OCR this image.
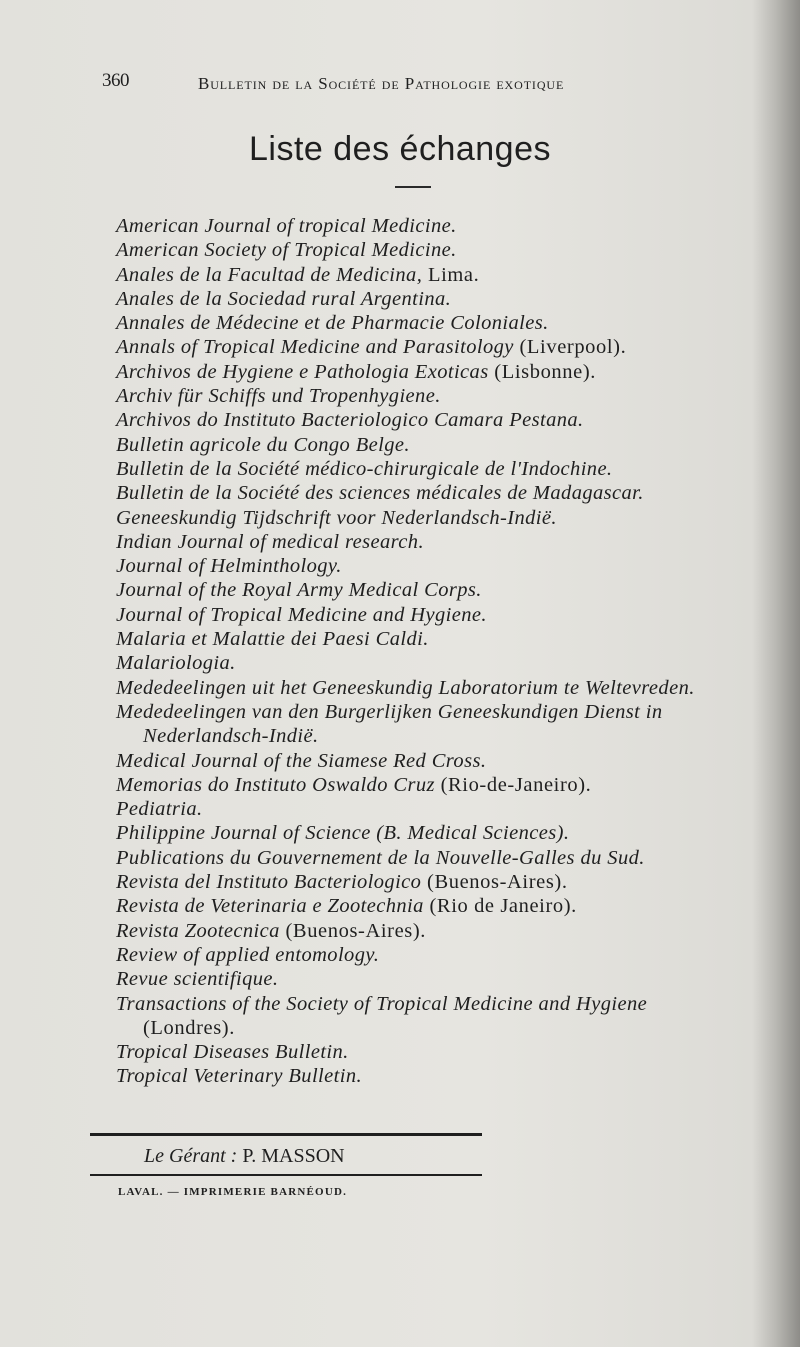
360	Bulletin de la Société de Pathologie exotique
Liste des échanges
American Journal of tropical Medicine.
American Society of Tropical Medicine.
Anales de la Facultad de Medicina, Lima.
Anales de la Sociedad rural Argentina.
Annales de Médecine et de Pharmacie Coloniales.
Annals of Tropical Medicine and Parasitology (Liverpool).
Archivos de Hygiene e Pathologia Exoticas (Lisbonne).
Archiv für Schiffs und Tropenhygiene.
Archivos do Instituto Bacteriologico Camara Pestana.
Bulletin agricole du Congo Belge.
Bulletin de la Société médico-chirurgicale de l'Indochine.
Bulletin de la Société des sciences médicales de Madagascar.
Geneeskundig Tijdschrift voor Nederlandsch-Indië.
Indian Journal of medical research.
Journal of Helminthology.
Journal of the Royal Army Medical Corps.
Journal of Tropical Medicine and Hygiene.
Malaria et Malattie dei Paesi Caldi.
Malariologia.
Mededeelingen uit het Geneeskundig Laboratorium te Weltevreden.
Mededeelingen van den Burgerlijken Geneeskundigen Dienst in
Nederlandsch-Indië.
Medical Journal of the Siamese Red Cross.
Memorias do Instituto Oswaldo Cruz (Rio-de-Janeiro).
Pediatria.
Philippine Journal of Science (B. Medical Sciences).
Publications du Gouvernement de la Nouvelle-Galles du Sud.
Revista del Instituto Bacteriologico (Buenos-Aires).
Revista de Veterinaria e Zootechnia (Rio de Janeiro).
Revista Zootecnica (Buenos-Aires).
Review of applied entomology.
Revue scientifique.
Transactions of the Society of Tropical Medicine and Hygiene
(Londres).
Tropical Diseases Bulletin.
Tropical Veterinary Bulletin.
Le Gérant : P. MASSON
LAVAL. — IMPRIMERIE BARNÉOUD.
